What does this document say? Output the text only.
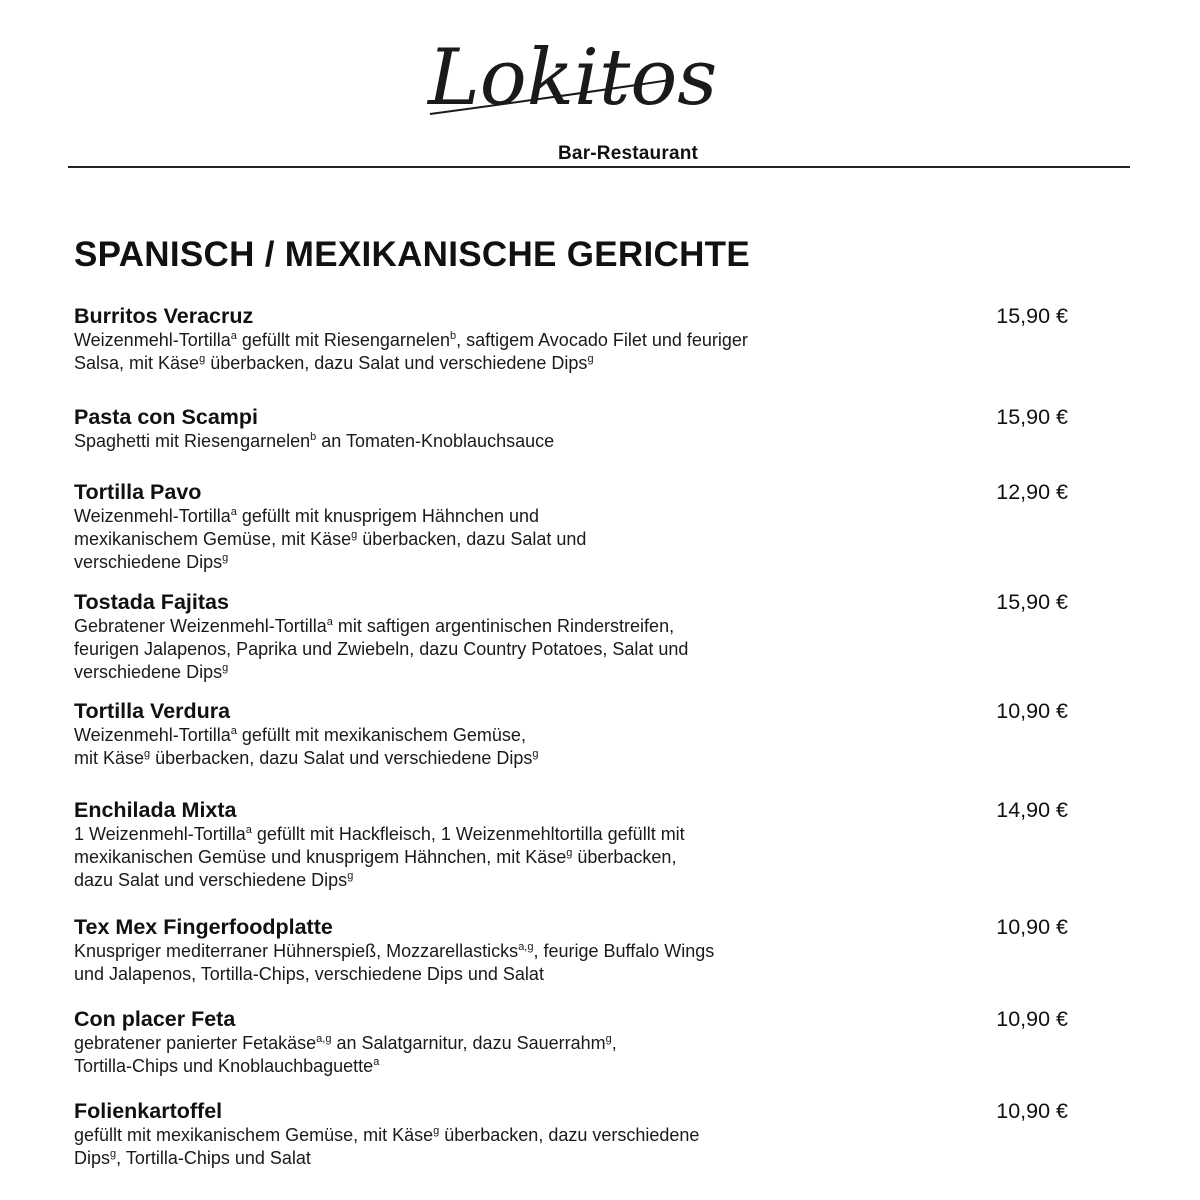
Lokitos
Bar-Restaurant
SPANISCH / MEXIKANISCHE GERICHTE
Burritos Veracruz	15,90 €
Weizenmehl-Tortilla$^a$ gefüllt mit Riesengarnelen$^b$, saftigem Avocado Filet und feuriger
Salsa, mit Käse$^g$ überbacken, dazu Salat und verschiedene Dips$^g$
Pasta con Scampi	15,90 €
Spaghetti mit Riesengarnelen$^b$ an Tomaten-Knoblauchsauce
Tortilla Pavo	12,90 €
Weizenmehl-Tortilla$^a$ gefüllt mit knusprigem Hähnchen und
mexikanischem Gemüse, mit Käse$^g$ überbacken, dazu Salat und
verschiedene Dips$^g$
Tostada Fajitas	15,90 €
Gebratener Weizenmehl-Tortilla$^a$ mit saftigen argentinischen Rinderstreifen,
feurigen Jalapenos, Paprika und Zwiebeln, dazu Country Potatoes, Salat und
verschiedene Dips$^g$
Tortilla Verdura	10,90 €
Weizenmehl-Tortilla$^a$ gefüllt mit mexikanischem Gemüse,
mit Käse$^g$ überbacken, dazu Salat und verschiedene Dips$^g$
Enchilada Mixta	14,90 €
1 Weizenmehl-Tortilla$^a$ gefüllt mit Hackfleisch, 1 Weizenmehltortilla gefüllt mit
mexikanischen Gemüse und knusprigem Hähnchen, mit Käse$^g$ überbacken,
dazu Salat und verschiedene Dips$^g$
Tex Mex Fingerfoodplatte	10,90 €
Knuspriger mediterraner Hühnerspieß, Mozzarellasticks$^{a,g}$, feurige Buffalo Wings
und Jalapenos, Tortilla-Chips, verschiedene Dips und Salat
Con placer Feta	10,90 €
gebratener panierter Fetakäse$^{a,g}$ an Salatgarnitur, dazu Sauerrahm$^g$,
Tortilla-Chips und Knoblauchbaguette$^a$
Folienkartoffel	10,90 €
gefüllt mit mexikanischem Gemüse, mit Käse$^g$ überbacken, dazu verschiedene
Dips$^g$, Tortilla-Chips und Salat
